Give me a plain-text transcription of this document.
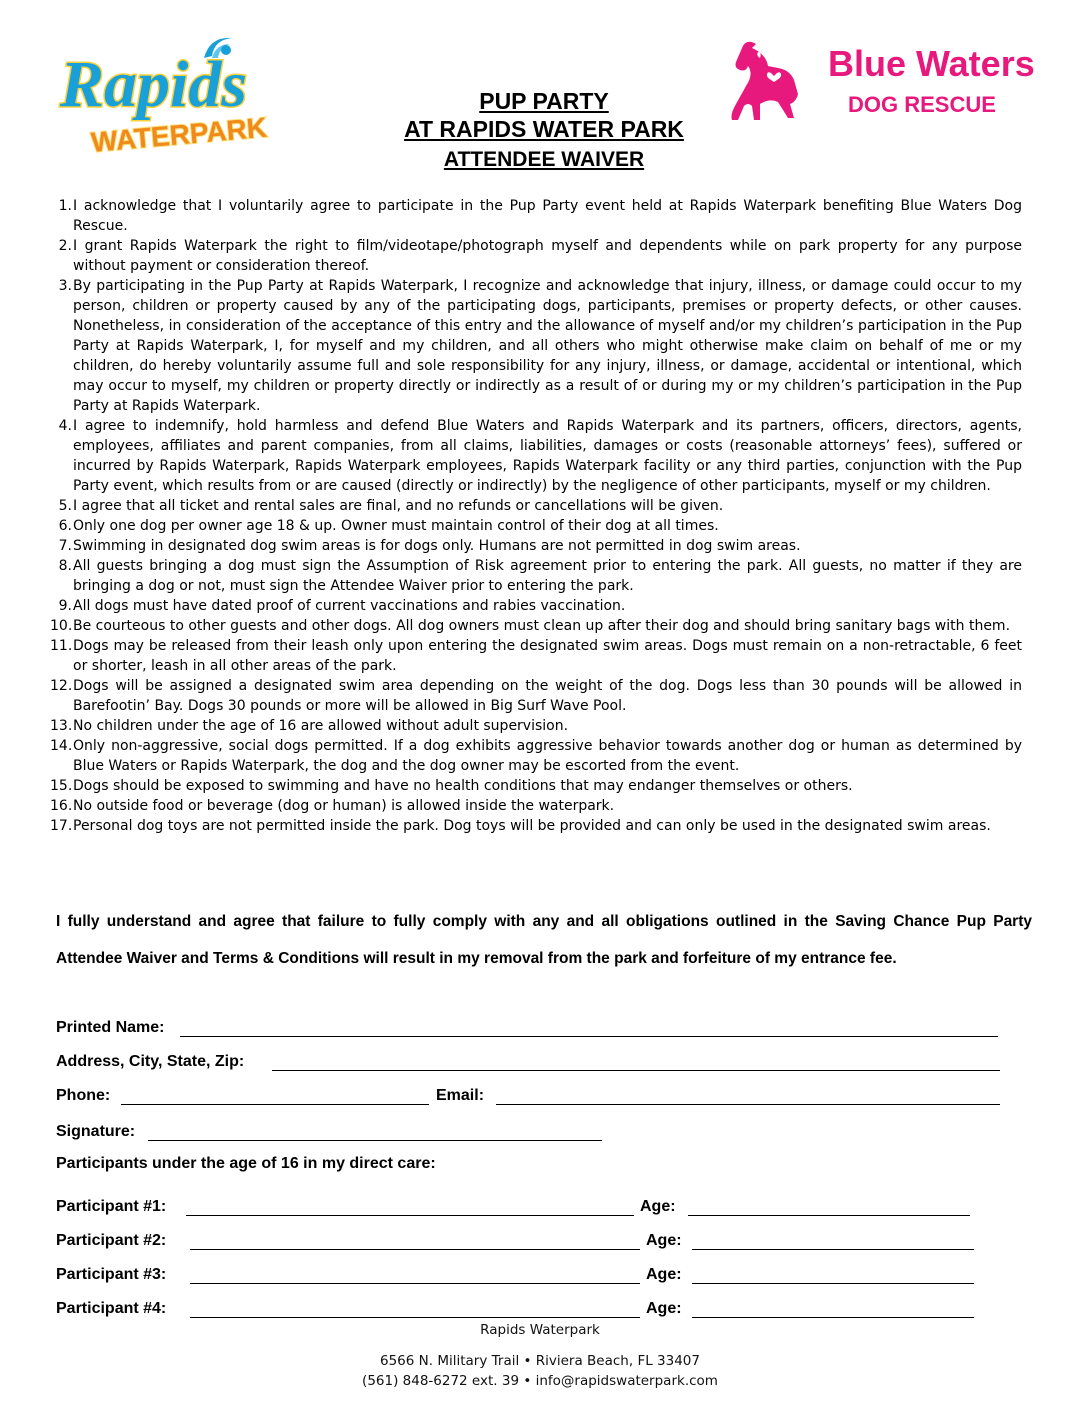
Rapids
WATERPARK
Blue Waters
DOG RESCUE
PUP PARTY
AT RAPIDS WATER PARK
ATTENDEE WAIVER
1. I acknowledge that I voluntarily agree to participate in the Pup Party event held at Rapids Waterpark benefiting Blue Waters Dog Rescue.
2. I grant Rapids Waterpark the right to film/videotape/photograph myself and dependents while on park property for any purpose without payment or consideration thereof.
3. By participating in the Pup Party at Rapids Waterpark, I recognize and acknowledge that injury, illness, or damage could occur to my person, children or property caused by any of the participating dogs, participants, premises or property defects, or other causes. Nonetheless, in consideration of the acceptance of this entry and the allowance of myself and/or my children’s participation in the Pup Party at Rapids Waterpark, I, for myself and my children, and all others who might otherwise make claim on behalf of me or my children, do hereby voluntarily assume full and sole responsibility for any injury, illness, or damage, accidental or intentional, which may occur to myself, my children or property directly or indirectly as a result of or during my or my children’s participation in the Pup Party at Rapids Waterpark.
4. I agree to indemnify, hold harmless and defend Blue Waters and Rapids Waterpark and its partners, officers, directors, agents, employees, affiliates and parent companies, from all claims, liabilities, damages or costs (reasonable attorneys’ fees), suffered or incurred by Rapids Waterpark, Rapids Waterpark employees, Rapids Waterpark facility or any third parties, conjunction with the Pup Party event, which results from or are caused (directly or indirectly) by the negligence of other participants, myself or my children.
5. I agree that all ticket and rental sales are final, and no refunds or cancellations will be given.
6. Only one dog per owner age 18 & up. Owner must maintain control of their dog at all times.
7. Swimming in designated dog swim areas is for dogs only. Humans are not permitted in dog swim areas.
8. All guests bringing a dog must sign the Assumption of Risk agreement prior to entering the park. All guests, no matter if they are bringing a dog or not, must sign the Attendee Waiver prior to entering the park.
9. All dogs must have dated proof of current vaccinations and rabies vaccination.
10. Be courteous to other guests and other dogs. All dog owners must clean up after their dog and should bring sanitary bags with them.
11. Dogs may be released from their leash only upon entering the designated swim areas. Dogs must remain on a non-retractable, 6 feet or shorter, leash in all other areas of the park.
12. Dogs will be assigned a designated swim area depending on the weight of the dog. Dogs less than 30 pounds will be allowed in Barefootin’ Bay. Dogs 30 pounds or more will be allowed in Big Surf Wave Pool.
13. No children under the age of 16 are allowed without adult supervision.
14. Only non-aggressive, social dogs permitted. If a dog exhibits aggressive behavior towards another dog or human as determined by Blue Waters or Rapids Waterpark, the dog and the dog owner may be escorted from the event.
15. Dogs should be exposed to swimming and have no health conditions that may endanger themselves or others.
16. No outside food or beverage (dog or human) is allowed inside the waterpark.
17. Personal dog toys are not permitted inside the park. Dog toys will be provided and can only be used in the designated swim areas.
I fully understand and agree that failure to fully comply with any and all obligations outlined in the Saving Chance Pup Party Attendee Waiver and Terms & Conditions will result in my removal from the park and forfeiture of my entrance fee.
Printed Name:
Address, City, State, Zip:
Phone:	Email:
Signature:
Participants under the age of 16 in my direct care:
Participant #1:	Age:
Participant #2:	Age:
Participant #3:	Age:
Participant #4:	Age:
Rapids Waterpark
6566 N. Military Trail • Riviera Beach, FL 33407
(561) 848-6272 ext. 39 • info@rapidswaterpark.com
